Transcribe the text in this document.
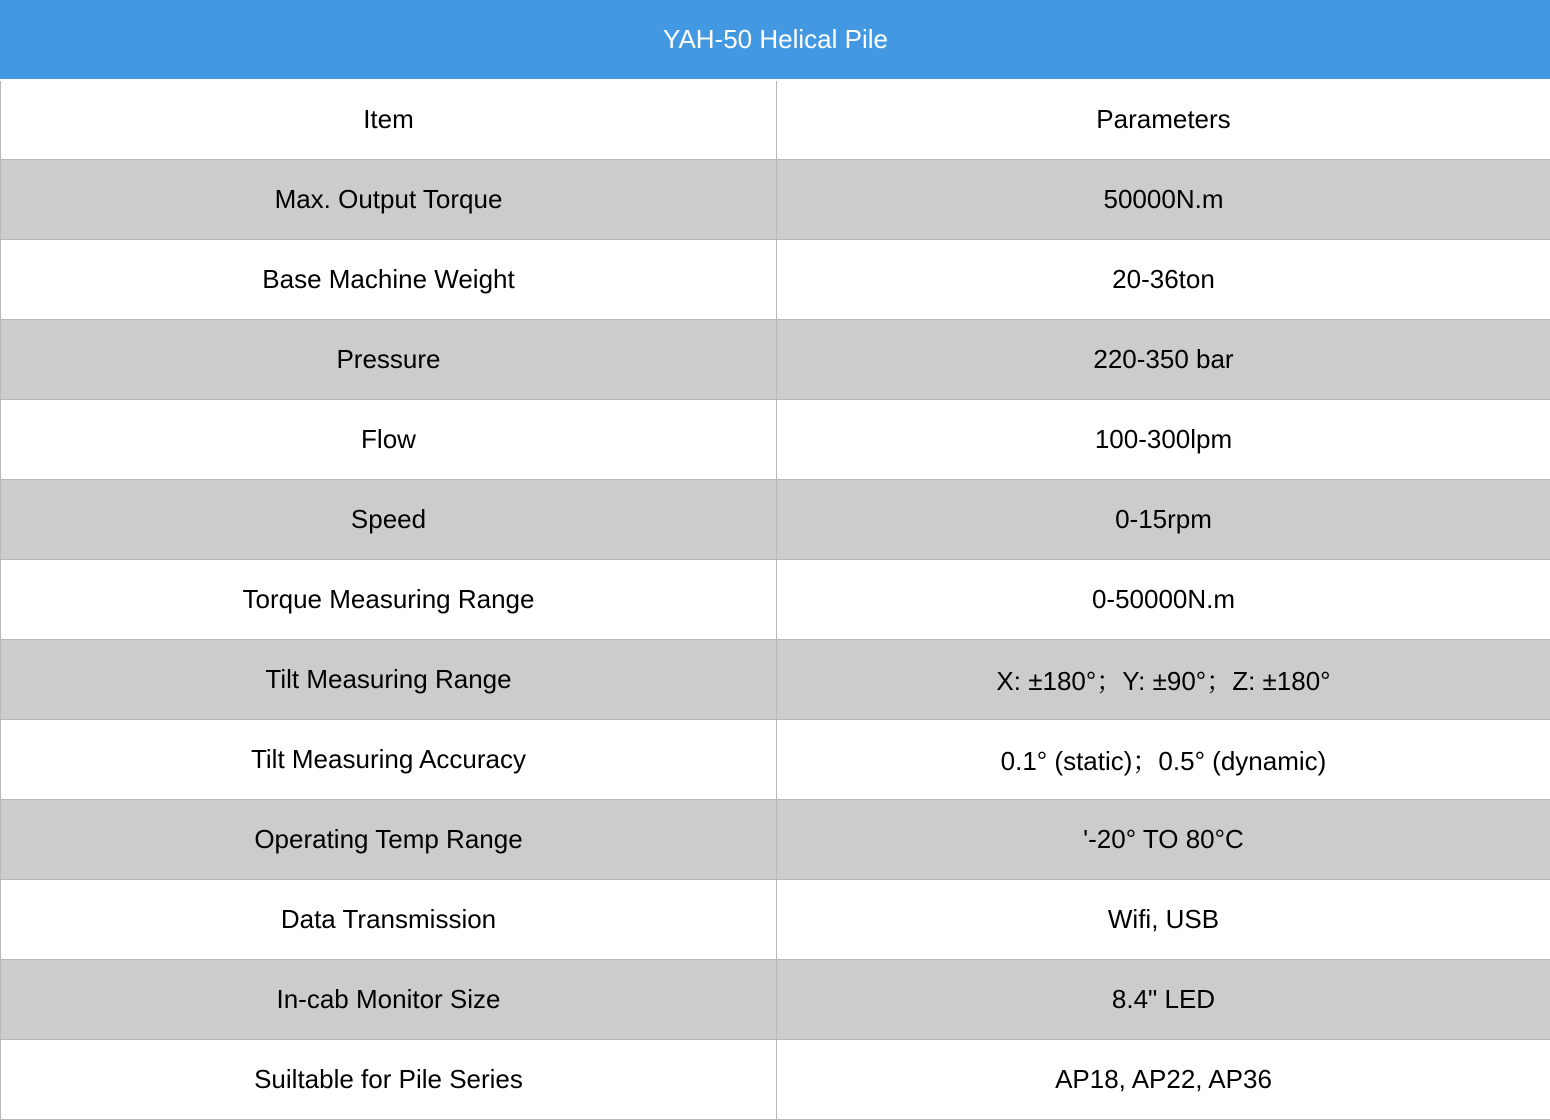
YAH-50 Helical Pile	
Item	Parameters
Max. Output Torque	50000N.m
Base Machine Weight	20-36ton
Pressure	220-350 bar
Flow	100-300lpm
Speed	0-15rpm
Torque Measuring Range	0-50000N.m
Tilt Measuring Range	X: ±180°；Y: ±90°；Z: ±180°
Tilt Measuring Accuracy	0.1° (static)；0.5° (dynamic)
Operating Temp Range	'-20° TO 80°C
Data Transmission	Wifi, USB
In-cab Monitor Size	8.4" LED
Suiltable for Pile Series	AP18, AP22, AP36
